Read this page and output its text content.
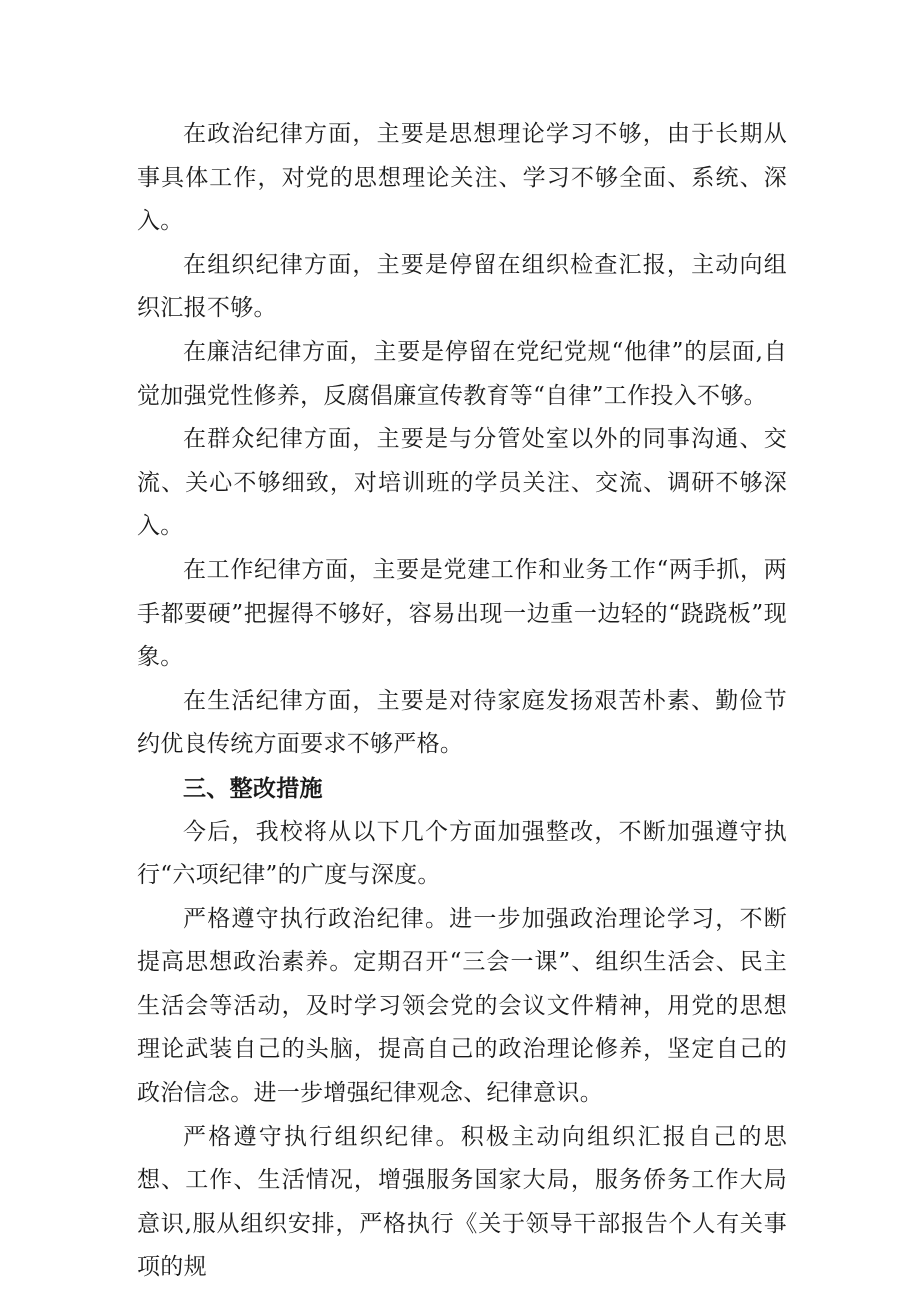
在政治纪律方面，主要是思想理论学习不够，由于长期从事具体工作，对党的思想理论关注、学习不够全面、系统、深入。

在组织纪律方面，主要是停留在组织检查汇报，主动向组织汇报不够。

在廉洁纪律方面，主要是停留在党纪党规“他律”的层面,自觉加强党性修养，反腐倡廉宣传教育等“自律”工作投入不够。

在群众纪律方面，主要是与分管处室以外的同事沟通、交流、关心不够细致，对培训班的学员关注、交流、调研不够深入。

在工作纪律方面，主要是党建工作和业务工作“两手抓，两手都要硬”把握得不够好，容易出现一边重一边轻的“跷跷板”现象。

在生活纪律方面，主要是对待家庭发扬艰苦朴素、勤俭节约优良传统方面要求不够严格。

三、整改措施

今后，我校将从以下几个方面加强整改，不断加强遵守执行“六项纪律”的广度与深度。

严格遵守执行政治纪律。进一步加强政治理论学习，不断提高思想政治素养。定期召开“三会一课”、组织生活会、民主生活会等活动，及时学习领会党的会议文件精神，用党的思想理论武装自己的头脑，提高自己的政治理论修养，坚定自己的政治信念。进一步增强纪律观念、纪律意识。

严格遵守执行组织纪律。积极主动向组织汇报自己的思想、工作、生活情况，增强服务国家大局，服务侨务工作大局意识,服从组织安排，严格执行《关于领导干部报告个人有关事项的规
